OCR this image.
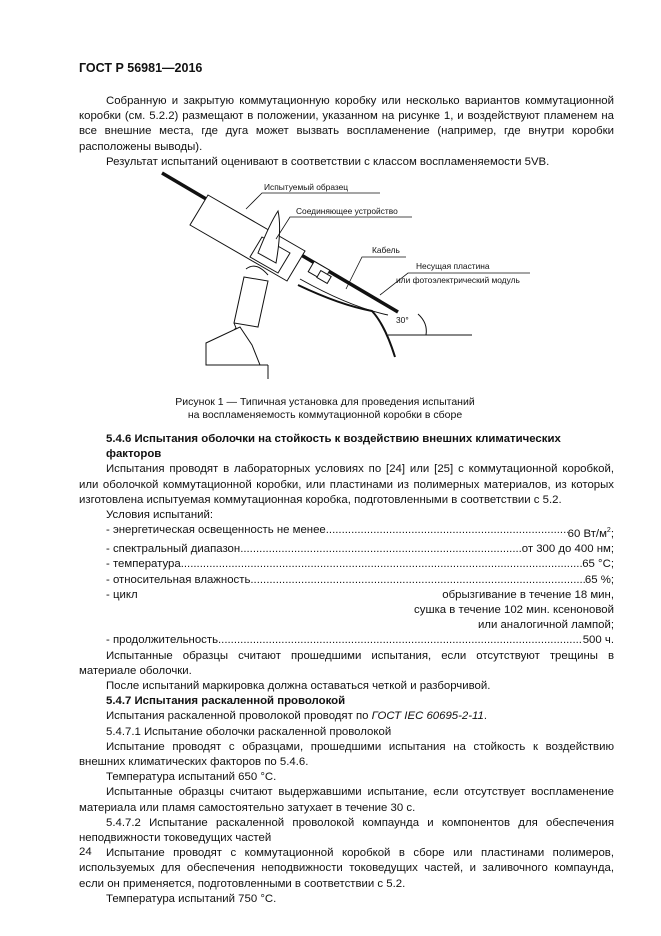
ГОСТ Р 56981—2016

Собранную и закрытую коммутационную коробку или несколько вариантов коммутационной коробки (см. 5.2.2) размещают в положении, указанном на рисунке 1, и воздействуют пламенем на все внешние места, где дуга может вызвать воспламенение (например, где внутри коробки расположены выводы).

Результат испытаний оценивают в соответствии с классом воспламеняемости 5VB.

Испытуемый образец
Соединяющее устройство
Кабель
Несущая пластина
или фотоэлектрический модуль
30°
Рисунок 1 — Типичная установка для проведения испытаний
на воспламеняемость коммутационной коробки в сборе

5.4.6 Испытания оболочки на стойкость к воздействию внешних климатических факторов

Испытания проводят в лабораторных условиях по [24] или [25] с коммутационной коробкой, или оболочкой коммутационной коробки, или пластинами из полимерных материалов, из которых изготовлена испытуемая коммутационная коробка, подготовленными в соответствии с 5.2.

Условия испытаний:

- энергетическая освещенность не менее .....	60 $Вт/м^2$;
- спектральный диапазон .....	от 300 до 400 нм;
- температура .....	65 °С;
- относительная влажность .....	65 %;
- цикл	обрызгивание в течение 18 мин,
сушка в течение 102 мин. ксеноновой
или аналогичной лампой;
- продолжительность .....	500 ч.

Испытанные образцы считают прошедшими испытания, если отсутствуют трещины в материале оболочки.

После испытаний маркировка должна оставаться четкой и разборчивой.

5.4.7 Испытания раскаленной проволокой

Испытания раскаленной проволокой проводят по ГОСТ IEC 60695-2-11.

5.4.7.1 Испытание оболочки раскаленной проволокой

Испытание проводят с образцами, прошедшими испытания на стойкость к воздействию внешних климатических факторов по 5.4.6.

Температура испытаний 650 °С.

Испытанные образцы считают выдержавшими испытание, если отсутствует воспламенение материала или пламя самостоятельно затухает в течение 30 с.

5.4.7.2 Испытание раскаленной проволокой компаунда и компонентов для обеспечения неподвижности токоведущих частей

Испытание проводят с коммутационной коробкой в сборе или пластинами полимеров, используемых для обеспечения неподвижности токоведущих частей, и заливочного компаунда, если он применяется, подготовленными в соответствии с 5.2.

Температура испытаний 750 °С.

24
